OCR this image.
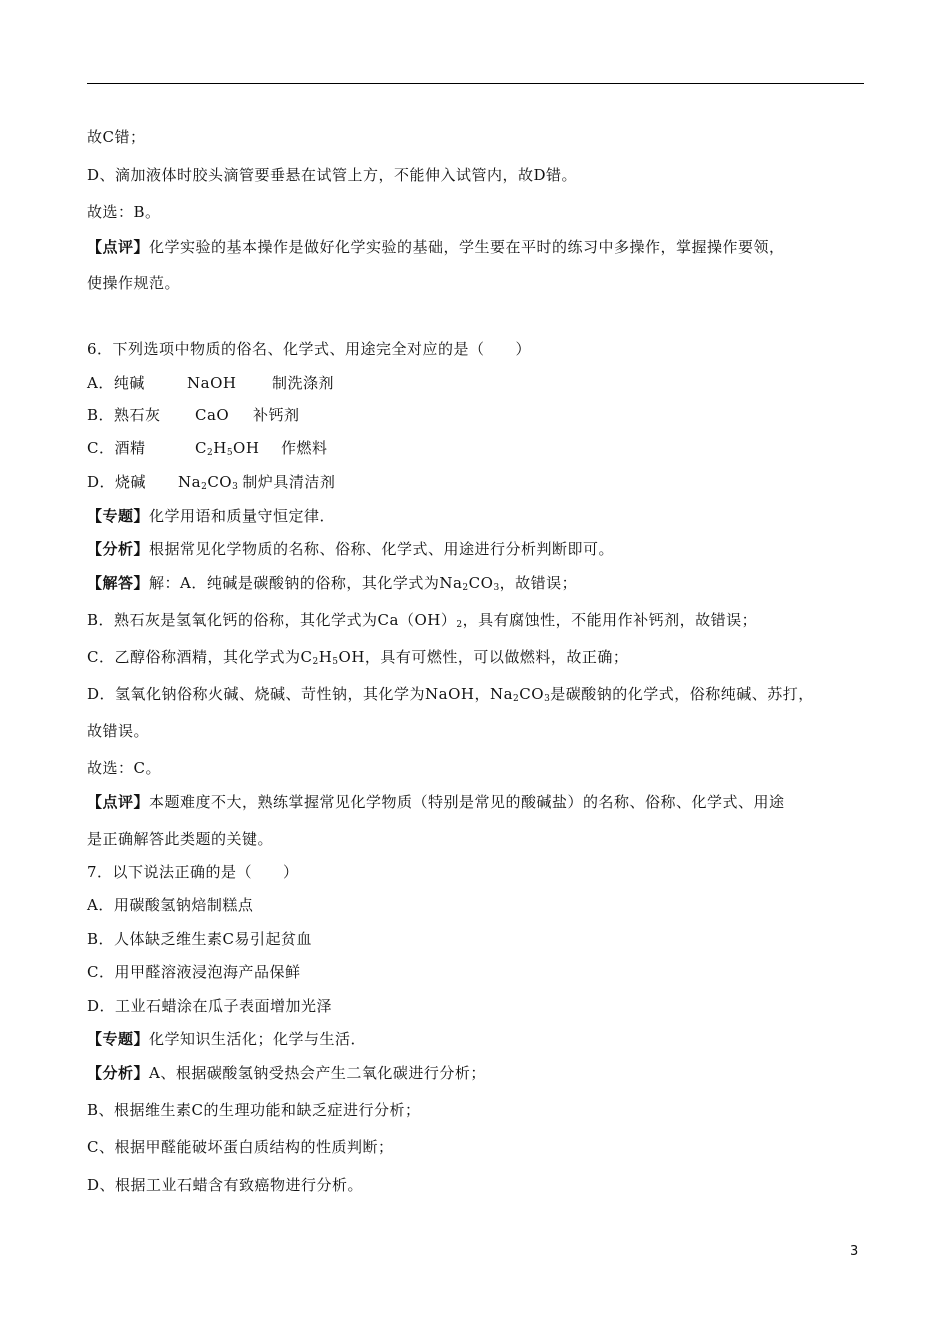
故C错；
D、滴加液体时胶头滴管要垂悬在试管上方，不能伸入试管内，故D错。
故选：B。
【点评】化学实验的基本操作是做好化学实验的基础，学生要在平时的练习中多操作，掌握操作要领，
使操作规范。
6．下列选项中物质的俗名、化学式、用途完全对应的是（　　）
A．纯碱	NaOH 制洗涤剂
B．熟石灰 CaO 补钙剂
C．酒精	$C_2H_5OH$ 作燃料
D．烧碱 $Na_2CO_3$ 制炉具清洁剂
【专题】化学用语和质量守恒定律．
【分析】根据常见化学物质的名称、俗称、化学式、用途进行分析判断即可。
【解答】解：A．纯碱是碳酸钠的俗称，其化学式为$Na_2CO_3$，故错误；
B．熟石灰是氢氧化钙的俗称，其化学式为$Ca(OH)_2$，具有腐蚀性，不能用作补钙剂，故错误；
C．乙醇俗称酒精，其化学式为$C_2H_5OH$，具有可燃性，可以做燃料，故正确；
D．氢氧化钠俗称火碱、烧碱、苛性钠，其化学为NaOH，$Na_2CO_3$是碳酸钠的化学式，俗称纯碱、苏打，
故错误。
故选：C。
【点评】本题难度不大，熟练掌握常见化学物质（特别是常见的酸碱盐）的名称、俗称、化学式、用途
是正确解答此类题的关键。
7．以下说法正确的是（　　）
A．用碳酸氢钠焙制糕点
B．人体缺乏维生素C易引起贫血
C．用甲醛溶液浸泡海产品保鲜
D．工业石蜡涂在瓜子表面增加光泽
【专题】化学知识生活化；化学与生活．
【分析】A、根据碳酸氢钠受热会产生二氧化碳进行分析；
B、根据维生素C的生理功能和缺乏症进行分析；
C、根据甲醛能破坏蛋白质结构的性质判断；
D、根据工业石蜡含有致癌物进行分析。
3
